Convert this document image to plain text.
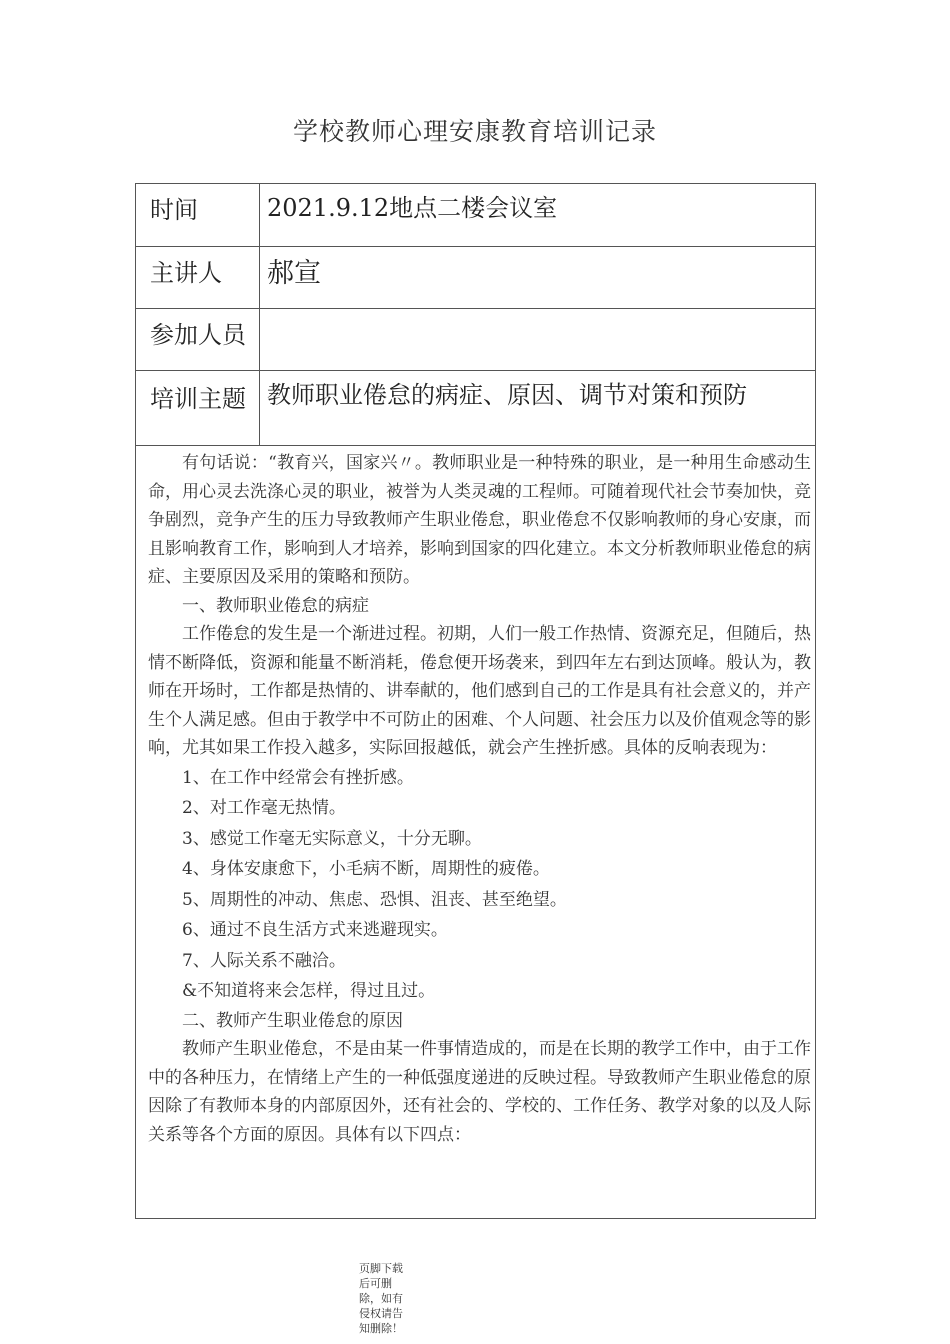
学校教师心理安康教育培训记录
时间	2021.9.12地点二楼会议室
主讲人	郝宣
参加人员
培训主题 教师职业倦怠的病症、原因、调节对策和预防

有句话说：“教育兴，国家兴〃。教师职业是一种特殊的职业，是一种用生命感动生命，用心灵去洗涤心灵的职业，被誉为人类灵魂的工程师。可随着现代社会节奏加快，竞争剧烈，竞争产生的压力导致教师产生职业倦怠，职业倦怠不仅影响教师的身心安康，而且影响教育工作，影响到人才培养，影响到国家的四化建立。本文分析教师职业倦怠的病症、主要原因及采用的策略和预防。

一、教师职业倦怠的病症

工作倦怠的发生是一个渐进过程。初期，人们一般工作热情、资源充足，但随后，热情不断降低，资源和能量不断消耗，倦怠便开场袭来，到四年左右到达顶峰。般认为，教师在开场时，工作都是热情的、讲奉献的，他们感到自己的工作是具有社会意义的，并产生个人满足感。但由于教学中不可防止的困难、个人问题、社会压力以及价值观念等的影响，尤其如果工作投入越多，实际回报越低，就会产生挫折感。具体的反响表现为：

1、在工作中经常会有挫折感。

2、对工作毫无热情。

3、感觉工作毫无实际意义，十分无聊。

4、身体安康愈下，小毛病不断，周期性的疲倦。

5、周期性的冲动、焦虑、恐惧、沮丧、甚至绝望。

6、通过不良生活方式来逃避现实。

7、人际关系不融洽。

&不知道将来会怎样，得过且过。

二、教师产生职业倦怠的原因

教师产生职业倦怠，不是由某一件事情造成的，而是在长期的教学工作中，由于工作中的各种压力，在情绪上产生的一种低强度递进的反映过程。导致教师产生职业倦怠的原因除了有教师本身的内部原因外，还有社会的、学校的、工作任务、教学对象的以及人际关系等各个方面的原因。具体有以下四点：

页脚下载后可删除，如有侵权请告知删除！
